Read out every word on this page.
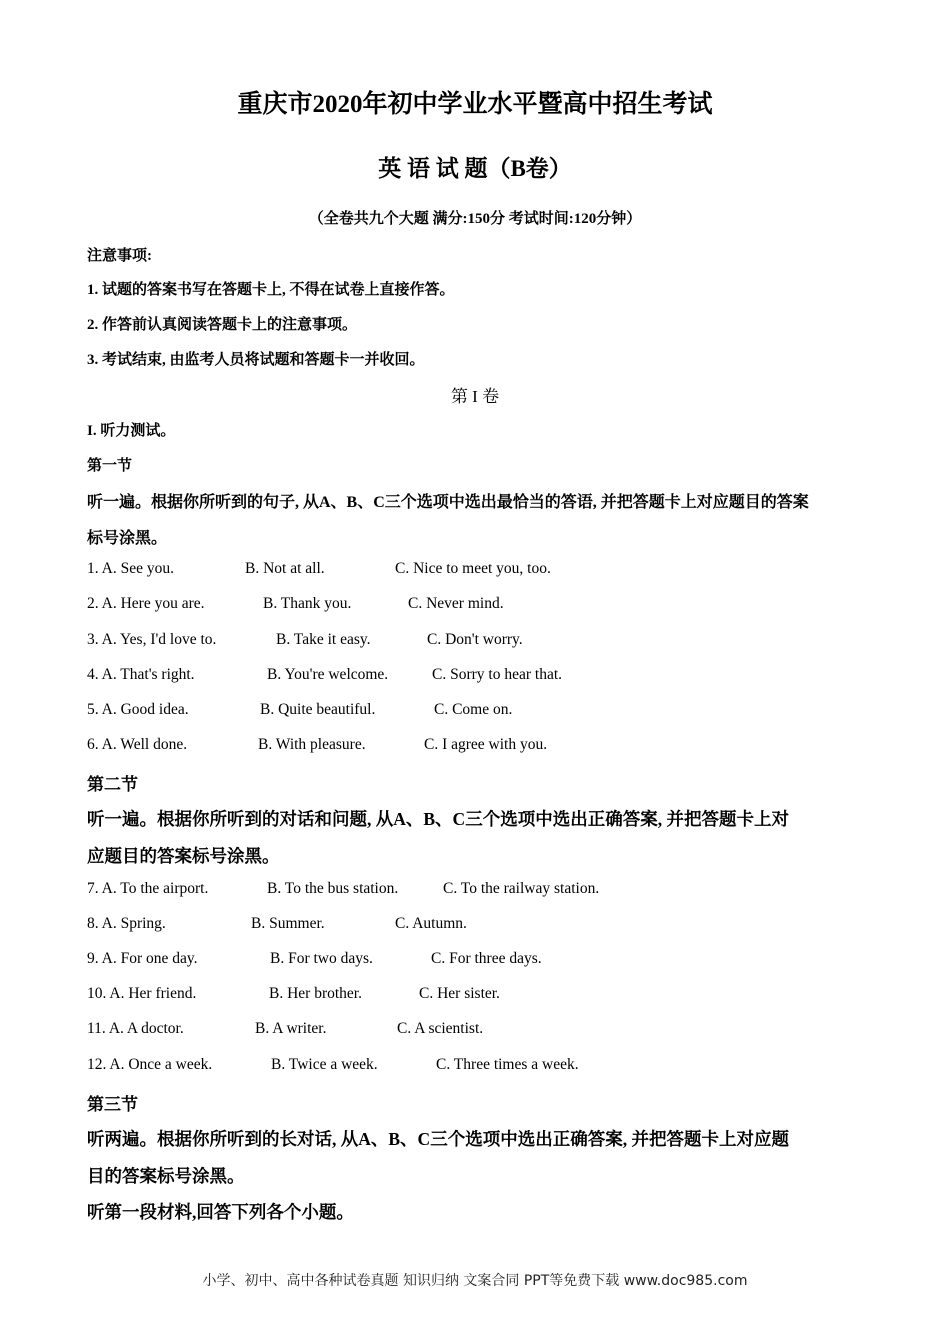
重庆市2020年初中学业水平暨高中招生考试
英 语 试 题（B卷）
（全卷共九个大题 满分:150分 考试时间:120分钟）
注意事项:
1. 试题的答案书写在答题卡上, 不得在试卷上直接作答。
2. 作答前认真阅读答题卡上的注意事项。
3. 考试结束, 由监考人员将试题和答题卡一并收回。
第 I 卷
I. 听力测试。
第一节
听一遍。根据你所听到的句子, 从A、B、C三个选项中选出最恰当的答语, 并把答题卡上对应题目的答案
标号涂黑。
1. A. See you.	B. Not at all.	C. Nice to meet you, too.
2. A. Here you are.	B. Thank you.	C. Never mind.
3. A. Yes, I'd love to.	B. Take it easy.	C. Don't worry.
4. A. That's right.	B. You're welcome.	C. Sorry to hear that.
5. A. Good idea.	B. Quite beautiful.	C. Come on.
6. A. Well done.	B. With pleasure.	C. I agree with you.
第二节
听一遍。根据你所听到的对话和问题, 从A、B、C三个选项中选出正确答案, 并把答题卡上对
应题目的答案标号涂黑。
7. A. To the airport.	B. To the bus station.	C. To the railway station.
8. A. Spring.	B. Summer.	C. Autumn.
9. A. For one day.	B. For two days.	C. For three days.
10. A. Her friend.	B. Her brother.	C. Her sister.
11. A. A doctor.	B. A writer.	C. A scientist.
12. A. Once a week.	B. Twice a week.	C. Three times a week.
第三节
听两遍。根据你所听到的长对话, 从A、B、C三个选项中选出正确答案, 并把答题卡上对应题
目的答案标号涂黑。
听第一段材料,回答下列各个小题。
小学、初中、高中各种试卷真题 知识归纳 文案合同 PPT等免费下载 www.doc985.com
